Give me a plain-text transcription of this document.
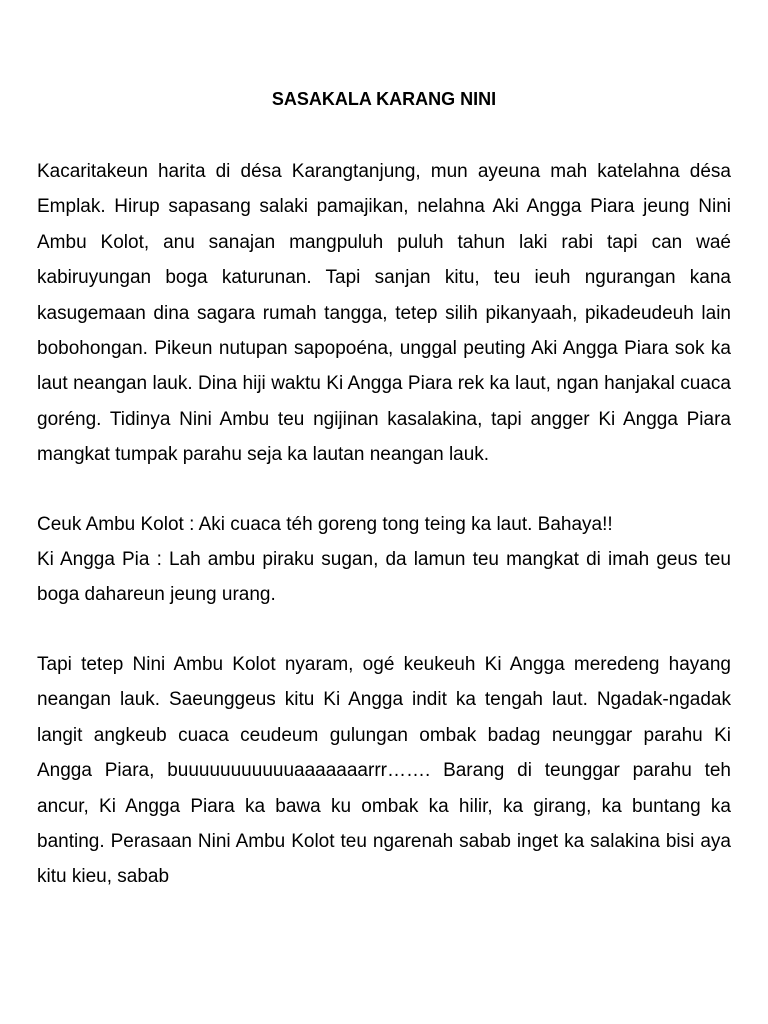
SASAKALA KARANG NINI

Kacaritakeun harita di désa Karangtanjung, mun ayeuna mah katelahna désa Emplak. Hirup sapasang salaki pamajikan, nelahna Aki Angga Piara jeung Nini Ambu Kolot, anu sanajan mangpuluh puluh tahun laki rabi tapi can waé kabiruyungan boga katurunan. Tapi sanjan kitu, teu ieuh ngurangan kana kasugemaan dina sagara rumah tangga, tetep silih pikanyaah, pikadeudeuh lain bobohongan. Pikeun nutupan sapopoéna, unggal peuting Aki Angga Piara sok ka laut neangan lauk. Dina hiji waktu Ki Angga Piara rek ka laut, ngan hanjakal cuaca goréng. Tidinya Nini Ambu teu ngijinan kasalakina, tapi angger Ki Angga Piara mangkat tumpak parahu seja ka lautan neangan lauk.

Ceuk Ambu Kolot : Aki cuaca téh goreng tong teing ka laut. Bahaya!!

Ki Angga Pia : Lah ambu piraku sugan, da lamun teu mangkat di imah geus teu boga dahareun jeung urang.

Tapi tetep Nini Ambu Kolot nyaram, ogé keukeuh Ki Angga meredeng hayang neangan lauk. Saeunggeus kitu Ki Angga indit ka tengah laut. Ngadak-ngadak langit angkeub cuaca ceudeum gulungan ombak badag neunggar parahu Ki Angga Piara, buuuuuuuuuuuaaaaaaarrr……. Barang di teunggar parahu teh ancur, Ki Angga Piara ka bawa ku ombak ka hilir, ka girang, ka buntang ka banting. Perasaan Nini Ambu Kolot teu ngarenah sabab inget ka salakina bisi aya kitu kieu, sabab
